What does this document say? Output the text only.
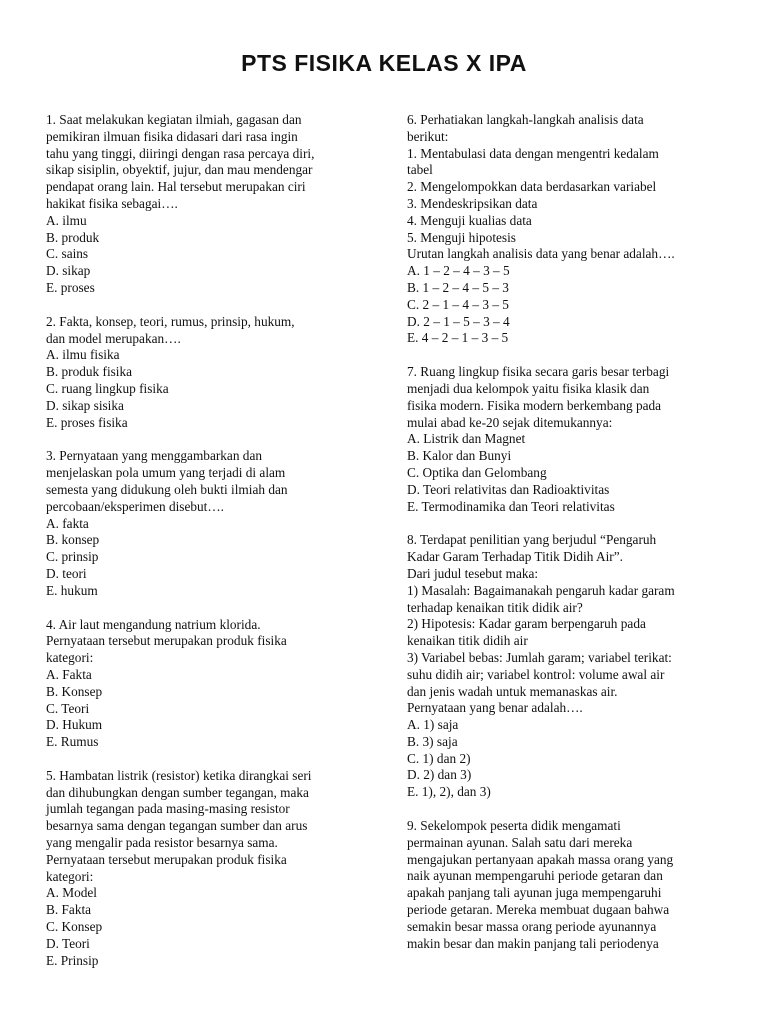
PTS FISIKA KELAS X IPA
1. Saat melakukan kegiatan ilmiah, gagasan dan
pemikiran ilmuan fisika didasari dari rasa ingin
tahu yang tinggi, diiringi dengan rasa percaya diri,
sikap sisiplin, obyektif, jujur, dan mau mendengar
pendapat orang lain. Hal tersebut merupakan ciri
hakikat fisika sebagai….
A. ilmu
B. produk
C. sains
D. sikap
E. proses
2. Fakta, konsep, teori, rumus, prinsip, hukum,
dan model merupakan….
A. ilmu fisika
B. produk fisika
C. ruang lingkup fisika
D. sikap sisika
E. proses fisika
3. Pernyataan yang menggambarkan dan
menjelaskan pola umum yang terjadi di alam
semesta yang didukung oleh bukti ilmiah dan
percobaan/eksperimen disebut….
A. fakta
B. konsep
C. prinsip
D. teori
E. hukum
4. Air laut mengandung natrium klorida.
Pernyataan tersebut merupakan produk fisika
kategori:
A. Fakta
B. Konsep
C. Teori
D. Hukum
E. Rumus
5. Hambatan listrik (resistor) ketika dirangkai seri
dan dihubungkan dengan sumber tegangan, maka
jumlah tegangan pada masing-masing resistor
besarnya sama dengan tegangan sumber dan arus
yang mengalir pada resistor besarnya sama.
Pernyataan tersebut merupakan produk fisika
kategori:
A. Model
B. Fakta
C. Konsep
D. Teori
E. Prinsip
6. Perhatiakan langkah-langkah analisis data
berikut:
1. Mentabulasi data dengan mengentri kedalam
tabel
2. Mengelompokkan data berdasarkan variabel
3. Mendeskripsikan data
4. Menguji kualias data
5. Menguji hipotesis
Urutan langkah analisis data yang benar adalah….
A. 1 – 2 – 4 – 3 – 5
B. 1 – 2 – 4 – 5 – 3
C. 2 – 1 – 4 – 3 – 5
D. 2 – 1 – 5 – 3 – 4
E. 4 – 2 – 1 – 3 – 5
7. Ruang lingkup fisika secara garis besar terbagi
menjadi dua kelompok yaitu fisika klasik dan
fisika modern. Fisika modern berkembang pada
mulai abad ke-20 sejak ditemukannya:
A. Listrik dan Magnet
B. Kalor dan Bunyi
C. Optika dan Gelombang
D. Teori relativitas dan Radioaktivitas
E. Termodinamika dan Teori relativitas
8. Terdapat penilitian yang berjudul “Pengaruh
Kadar Garam Terhadap Titik Didih Air”.
Dari judul tesebut maka:
1) Masalah: Bagaimanakah pengaruh kadar garam
terhadap kenaikan titik didik air?
2) Hipotesis: Kadar garam berpengaruh pada
kenaikan titik didih air
3) Variabel bebas: Jumlah garam; variabel terikat:
suhu didih air; variabel kontrol: volume awal air
dan jenis wadah untuk memanaskas air.
Pernyataan yang benar adalah….
A. 1) saja
B. 3) saja
C. 1) dan 2)
D. 2) dan 3)
E. 1), 2), dan 3)
9. Sekelompok peserta didik mengamati
permainan ayunan. Salah satu dari mereka
mengajukan pertanyaan apakah massa orang yang
naik ayunan mempengaruhi periode getaran dan
apakah panjang tali ayunan juga mempengaruhi
periode getaran. Mereka membuat dugaan bahwa
semakin besar massa orang periode ayunannya
makin besar dan makin panjang tali periodenya
